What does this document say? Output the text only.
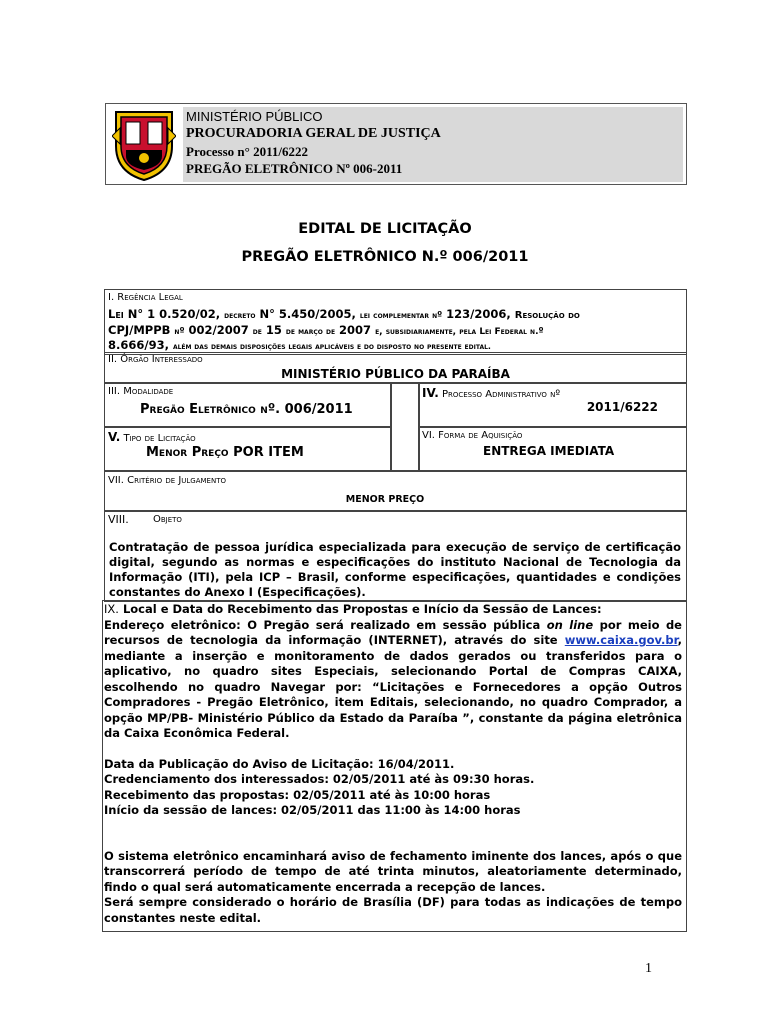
MINISTÉRIO PÚBLICO
PROCURADORIA GERAL DE JUSTIÇA
Processo n° 2011/6222
PREGÃO ELETRÔNICO Nº 006-2011
EDITAL DE LICITAÇÃO
PREGÃO ELETRÔNICO N.º 006/2011
I. Regência Legal
Lei N° 1 0.520/02, decreto N° 5.450/2005, lei complementar nº 123/2006, Resolução do
CPJ/MPPB nº 002/2007 de 15 de março de 2007 e, subsidiariamente, pela Lei Federal n.º
8.666/93, além das demais disposições legais aplicáveis e do disposto no presente edital.
II. Órgão Interessado
MINISTÉRIO PÚBLICO DA PARAÍBA
III. Modalidade
Pregão Eletrônico nº. 006/2011
IV. Processo Administrativo nº
2011/6222
V. Tipo de Licitação
Menor Preço POR ITEM
VI. Forma de Aquisição
ENTREGA IMEDIATA
VII. Critério de Julgamento
MENOR PREÇO
VIII. Objeto
Contratação de pessoa jurídica especializada para execução de serviço de certificação digital, segundo as normas e especificações do instituto Nacional de Tecnologia da Informação (ITI), pela ICP – Brasil, conforme especificações, quantidades e condições constantes do Anexo I (Especificações).
IX. Local e Data do Recebimento das Propostas e Início da Sessão de Lances:
Endereço eletrônico: O Pregão será realizado em sessão pública on line por meio de recursos de tecnologia da informação (INTERNET), através do site www.caixa.gov.br, mediante a inserção e monitoramento de dados gerados ou transferidos para o aplicativo, no quadro sites Especiais, selecionando Portal de Compras CAIXA, escolhendo no quadro Navegar por: “Licitações e Fornecedores a opção Outros Compradores - Pregão Eletrônico, item Editais, selecionando, no quadro Comprador, a opção MP/PB- Ministério Público da Estado da Paraíba ”, constante da página eletrônica da Caixa Econômica Federal.
Data da Publicação do Aviso de Licitação: 16/04/2011.
Credenciamento dos interessados: 02/05/2011 até às 09:30 horas.
Recebimento das propostas: 02/05/2011 até às 10:00 horas
Início da sessão de lances: 02/05/2011 das 11:00 às 14:00 horas
O sistema eletrônico encaminhará aviso de fechamento iminente dos lances, após o que transcorrerá período de tempo de até trinta minutos, aleatoriamente determinado, findo o qual será automaticamente encerrada a recepção de lances.
Será sempre considerado o horário de Brasília (DF) para todas as indicações de tempo constantes neste edital.
1
